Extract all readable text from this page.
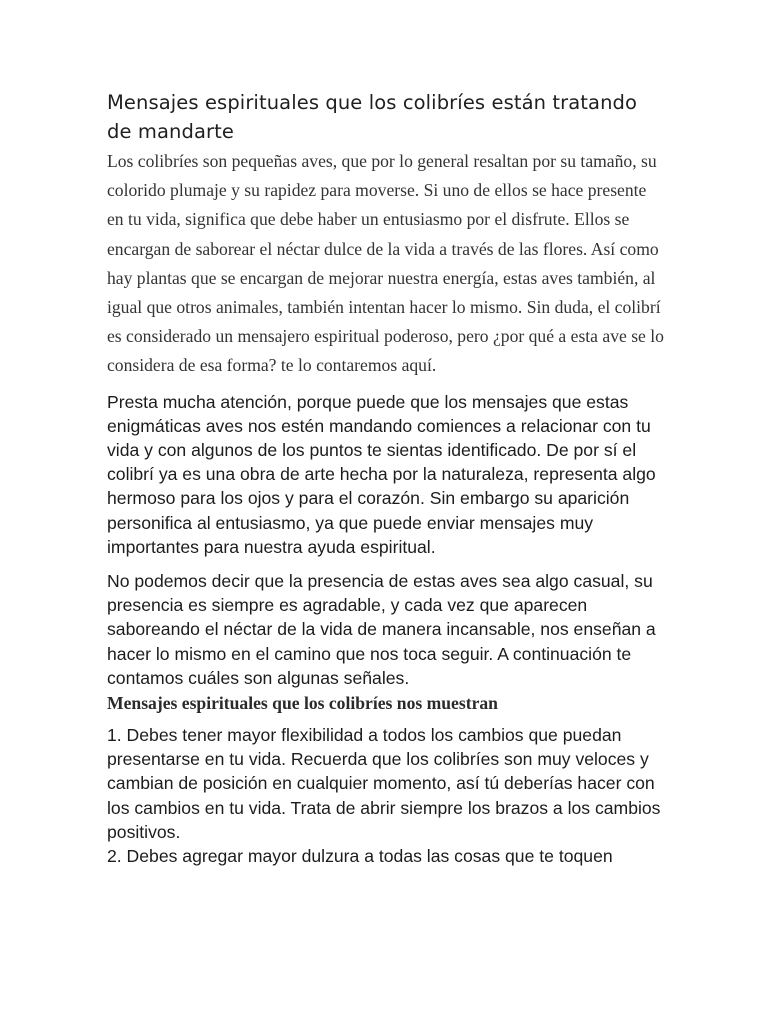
Mensajes espirituales que los colibríes están tratando de mandarte

Los colibríes son pequeñas aves, que por lo general resaltan por su tamaño, su colorido plumaje y su rapidez para moverse. Si uno de ellos se hace presente en tu vida, significa que debe haber un entusiasmo por el disfrute. Ellos se encargan de saborear el néctar dulce de la vida a través de las flores. Así como hay plantas que se encargan de mejorar nuestra energía, estas aves también, al igual que otros animales, también intentan hacer lo mismo. Sin duda, el colibrí es considerado un mensajero espiritual poderoso, pero ¿por qué a esta ave se lo considera de esa forma? te lo contaremos aquí.

Presta mucha atención, porque puede que los mensajes que estas enigmáticas aves nos estén mandando comiences a relacionar con tu vida y con algunos de los puntos te sientas identificado. De por sí el colibrí ya es una obra de arte hecha por la naturaleza, representa algo hermoso para los ojos y para el corazón. Sin embargo su aparición personifica al entusiasmo, ya que puede enviar mensajes muy importantes para nuestra ayuda espiritual.

No podemos decir que la presencia de estas aves sea algo casual, su presencia es siempre es agradable, y cada vez que aparecen saboreando el néctar de la vida de manera incansable, nos enseñan a hacer lo mismo en el camino que nos toca seguir. A continuación te contamos cuáles son algunas señales.

Mensajes espirituales que los colibríes nos muestran
1. Debes tener mayor flexibilidad a todos los cambios que puedan presentarse en tu vida. Recuerda que los colibríes son muy veloces y cambian de posición en cualquier momento, así tú deberías hacer con los cambios en tu vida. Trata de abrir siempre los brazos a los cambios positivos.
2. Debes agregar mayor dulzura a todas las cosas que te toquen
